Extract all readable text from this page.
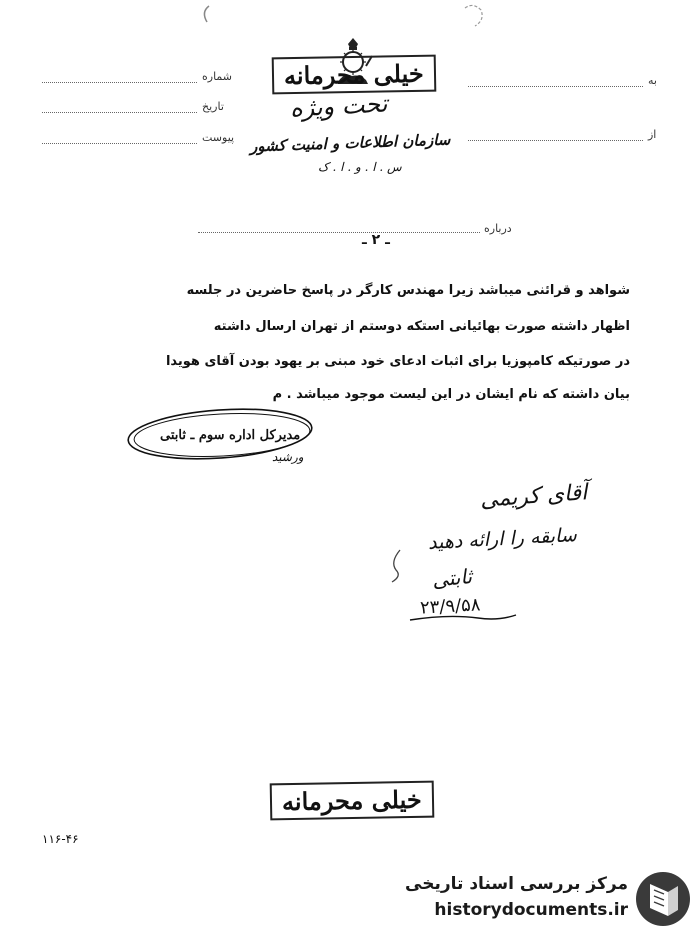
شماره
تاریخ
پیوست
به
از
خیلی محرمانه
تحت ویژه
سازمان اطلاعات و امنیت کشور
س . ا . و . ا . ک
درباره
ـ ۲ ـ
شواهد و قرائنی میباشد زیرا مهندس کارگر در پاسخ حاضرین در جلسه
اظهار داشته صورت بهائیانی استکه دوستم از تهران ارسال داشته
در صورتیکه کامپوزیا برای اثبات ادعای خود مبنی بر یهود بودن آقای هویدا
بیان داشته که نام ایشان در این لیست موجود میباشد . م
مدیرکل اداره سوم ـ ثابتی
ورشید
آقای کریمی
سابقه را ارائه دهید
ثابتی
۲۳/۹/۵۸
خیلی محرمانه
۱۱۶-۴۶
مرکز بررسی اسناد تاریخی
historydocuments.ir
